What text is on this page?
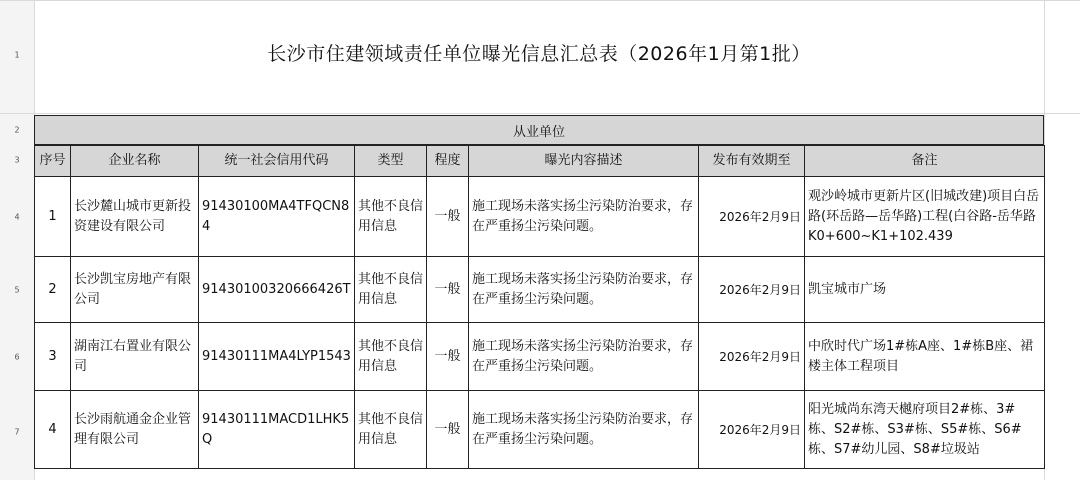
1
2
3
4
5
6
7
长沙市住建领域责任单位曝光信息汇总表（2026年1月第1批）
从业单位
序号	企业名称	统一社会信用代码	类型	程度	曝光内容描述	发布有效期至	备注
1	长沙麓山城市更新投资建设有限公司	91430100MA4TFQCN84	其他不良信用信息	一般	施工现场未落实扬尘污染防治要求，存在严重扬尘污染问题。	2026年2月9日	观沙岭城市更新片区(旧城改建)项目白岳路(环岳路—岳华路)工程(白谷路-岳华路K0+600~K1+102.439
2	长沙凯宝房地产有限公司	91430100320666426T	其他不良信用信息	一般	施工现场未落实扬尘污染防治要求，存在严重扬尘污染问题。	2026年2月9日	凯宝城市广场
3	湖南江右置业有限公司	91430111MA4LYP1543	其他不良信用信息	一般	施工现场未落实扬尘污染防治要求，存在严重扬尘污染问题。	2026年2月9日	中欣时代广场1#栋A座、1#栋B座、裙楼主体工程项目
4	长沙雨航通金企业管理有限公司	91430111MACD1LHK5Q	其他不良信用信息	一般	施工现场未落实扬尘污染防治要求，存在严重扬尘污染问题。	2026年2月9日	阳光城尚东湾天樾府项目2#栋、3#栋、S2#栋、S3#栋、S5#栋、S6#栋、S7#幼儿园、S8#垃圾站
